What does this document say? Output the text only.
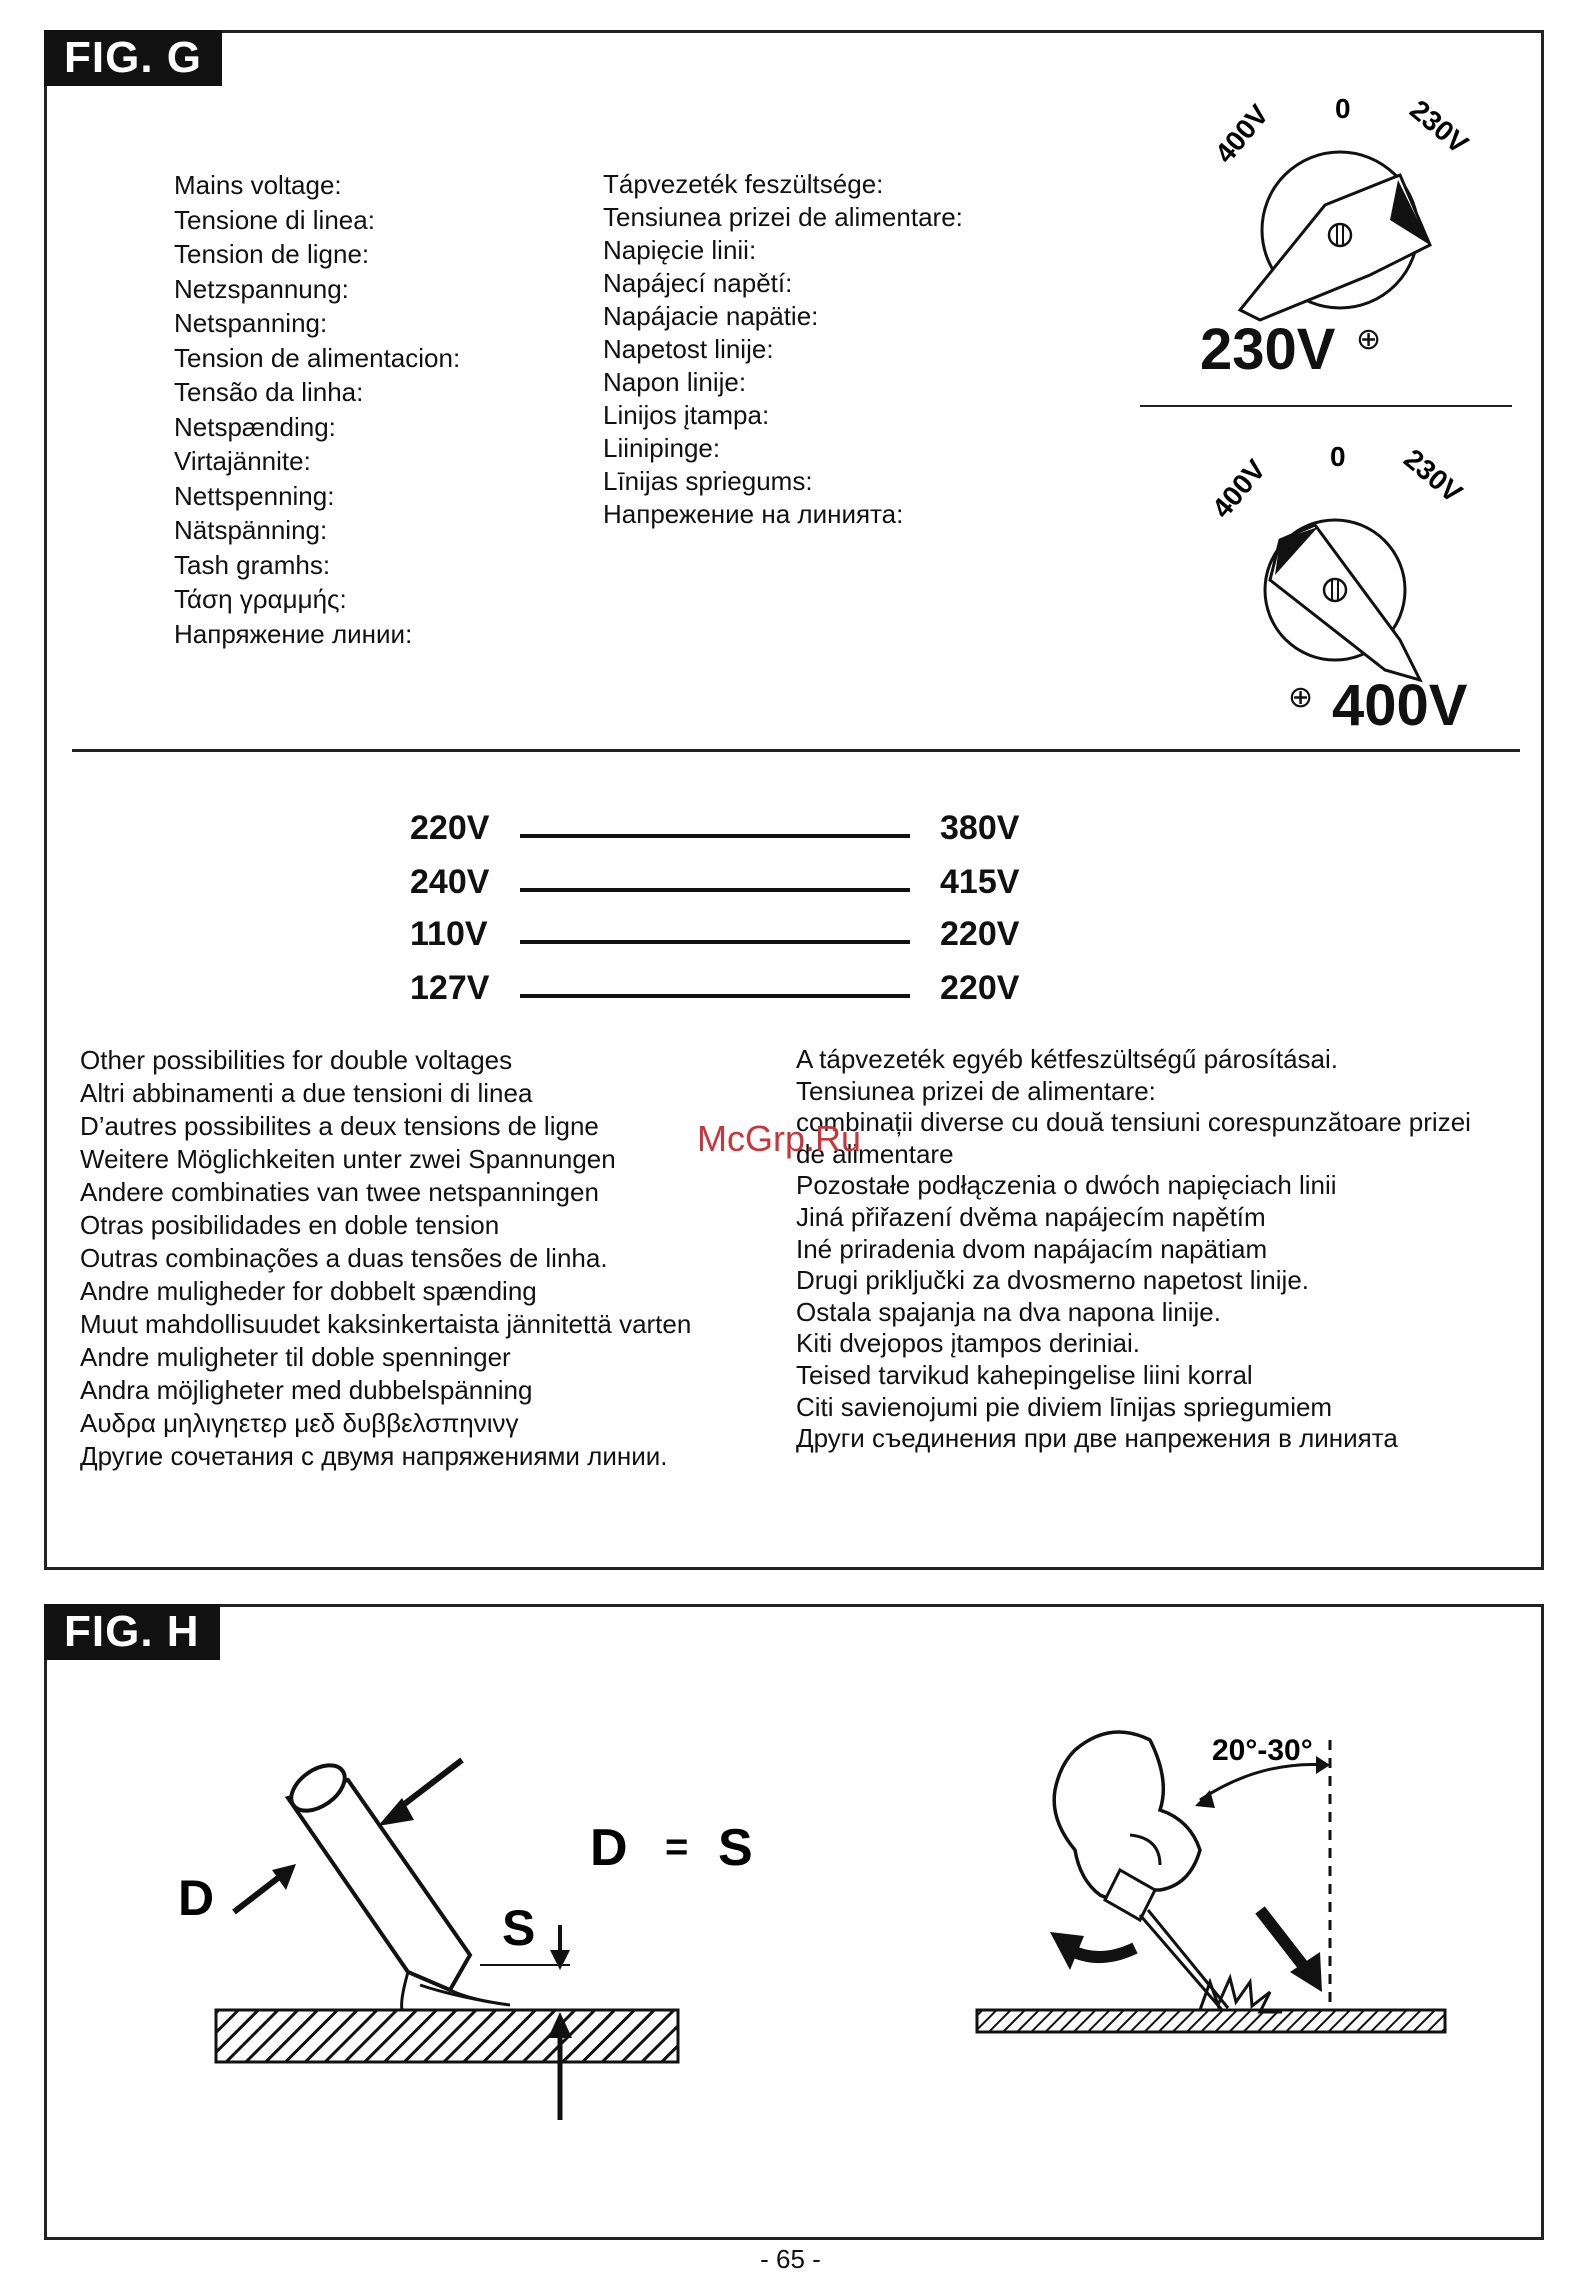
FIG. G
Mains voltage:
Tensione di linea:
Tension de ligne:
Netzspannung:
Netspanning:
Tension de alimentacion:
Tensão da linha:
Netspænding:
Virtajännite:
Nettspenning:
Nätspänning:
Tash gramhs:
Τάση γραμμής:
Напряжение линии:
Tápvezeték feszültsége:
Tensiunea prizei de alimentare:
Napięcie linii:
Napájecí napětí:
Napájacie napätie:
Napetost linije:
Napon linije:
Linijos įtampa:
Liinipinge:
Līnijas spriegums:
Напрежение на линията:
400V 0 230V
230V ⊕
400V 0 230V
⊕ 400V
220V	380V
240V	415V
110V	220V
127V	220V
Other possibilities for double voltages
Altri abbinamenti a due tensioni di linea
D’autres possibilites a deux tensions de ligne
Weitere Möglichkeiten unter zwei Spannungen
Andere combinaties van twee netspanningen
Otras posibilidades en doble tension
Outras combinações a duas tensões de linha.
Andre muligheder for dobbelt spænding
Muut mahdollisuudet kaksinkertaista jännitettä varten
Andre muligheter til doble spenninger
Andra möjligheter med dubbelspänning
Αυδρα μηλιγηετερ μεδ δυββελσπηνινγ
Другие сочетания с двумя напряжениями линии.
A tápvezeték egyéb kétfeszültségű párosításai.
Tensiunea prizei de alimentare:
combinații diverse cu două tensiuni corespunzătoare prizei
de alimentare
Pozostałe podłączenia o dwóch napięciach linii
Jiná přiřazení dvěma napájecím napětím
Iné priradenia dvom napájacím napätiam
Drugi priključki za dvosmerno napetost linije.
Ostala spajanja na dva napona linije.
Kiti dvejopos įtampos deriniai.
Teised tarvikud kahepingelise liini korral
Citi savienojumi pie diviem līnijas spriegumiem
Други съединения при две напрежения в линията
McGrp.Ru
FIG. H
D
S
D = S
20°-30°
- 65 -
